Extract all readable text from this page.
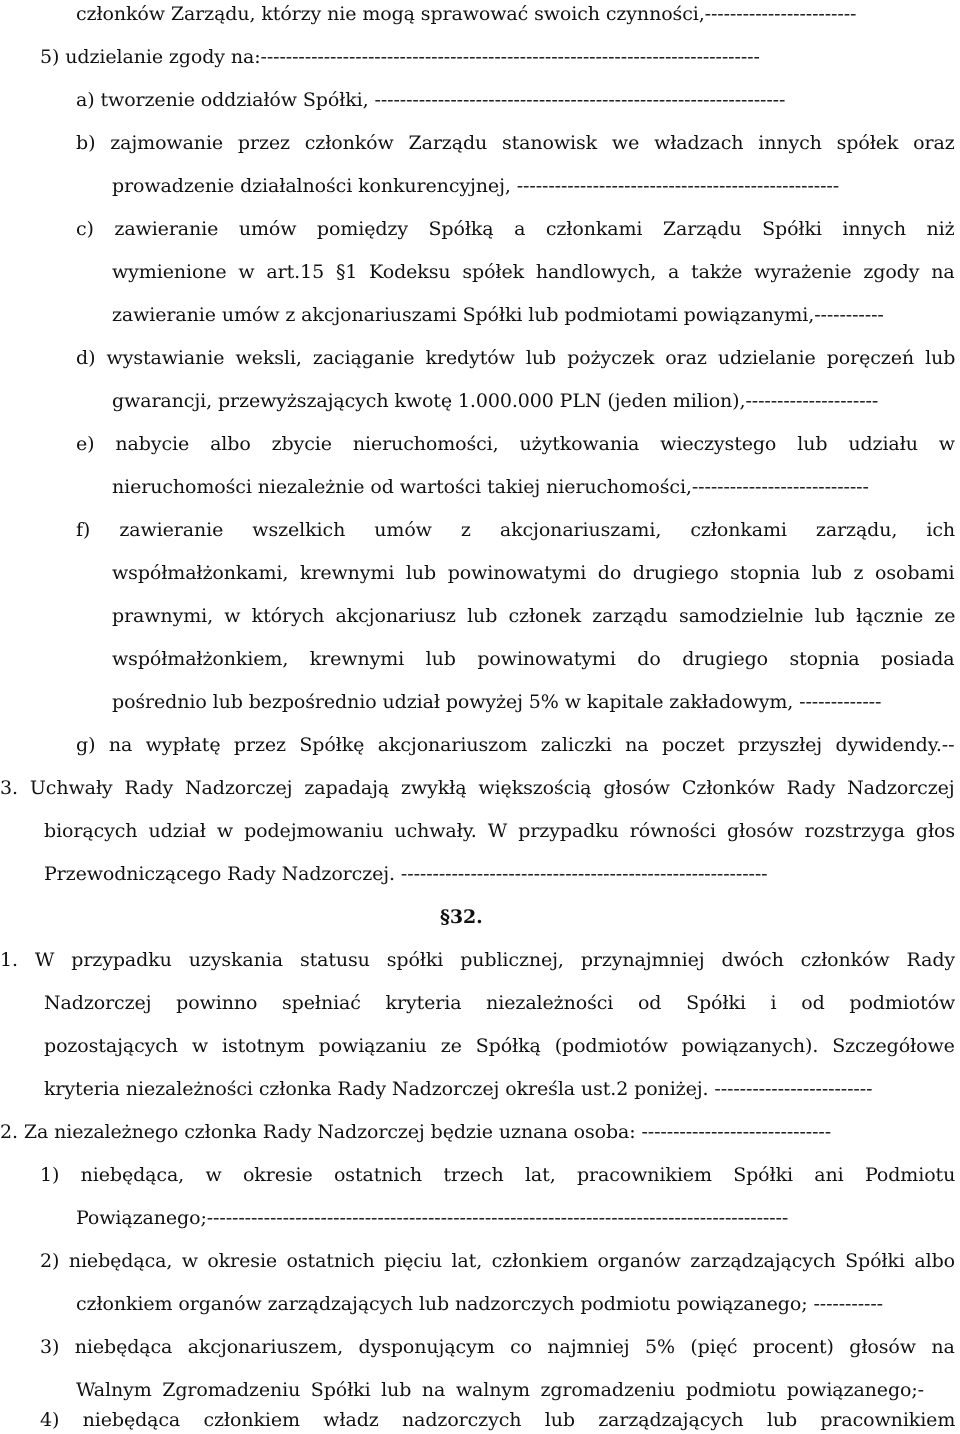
członków Zarządu, którzy nie mogą sprawować swoich czynności,------------------------
5) udzielanie zgody na:-------------------------------------------------------------------------------
a) tworzenie oddziałów Spółki, -----------------------------------------------------------------
b) zajmowanie przez członków Zarządu stanowisk we władzach innych spółek oraz
prowadzenie działalności konkurencyjnej, ---------------------------------------------------
c) zawieranie umów pomiędzy Spółką a członkami Zarządu Spółki innych niż
wymienione w art.15 §1 Kodeksu spółek handlowych, a także wyrażenie zgody na
zawieranie umów z akcjonariuszami Spółki lub podmiotami powiązanymi,-----------
d) wystawianie weksli, zaciąganie kredytów lub pożyczek oraz udzielanie poręczeń lub
gwarancji, przewyższających kwotę 1.000.000 PLN (jeden milion),---------------------
e) nabycie albo zbycie nieruchomości, użytkowania wieczystego lub udziału w
nieruchomości niezależnie od wartości takiej nieruchomości,----------------------------
f) zawieranie wszelkich umów z akcjonariuszami, członkami zarządu, ich
współmałżonkami, krewnymi lub powinowatymi do drugiego stopnia lub z osobami
prawnymi, w których akcjonariusz lub członek zarządu samodzielnie lub łącznie ze
współmałżonkiem, krewnymi lub powinowatymi do drugiego stopnia posiada
pośrednio lub bezpośrednio udział powyżej 5% w kapitale zakładowym, -------------
g) na wypłatę przez Spółkę akcjonariuszom zaliczki na poczet przyszłej dywidendy.--
3. Uchwały Rady Nadzorczej zapadają zwykłą większością głosów Członków Rady Nadzorczej
biorących udział w podejmowaniu uchwały. W przypadku równości głosów rozstrzyga głos
Przewodniczącego Rady Nadzorczej. ----------------------------------------------------------
§32.
1. W przypadku uzyskania statusu spółki publicznej, przynajmniej dwóch członków Rady
Nadzorczej powinno spełniać kryteria niezależności od Spółki i od podmiotów
pozostających w istotnym powiązaniu ze Spółką (podmiotów powiązanych). Szczegółowe
kryteria niezależności członka Rady Nadzorczej określa ust.2 poniżej. -------------------------
2. Za niezależnego członka Rady Nadzorczej będzie uznana osoba: ------------------------------
1) niebędąca, w okresie ostatnich trzech lat, pracownikiem Spółki ani Podmiotu
Powiązanego;--------------------------------------------------------------------------------------------
2) niebędąca, w okresie ostatnich pięciu lat, członkiem organów zarządzających Spółki albo
członkiem organów zarządzających lub nadzorczych podmiotu powiązanego; -----------
3) niebędąca akcjonariuszem, dysponującym co najmniej 5% (pięć procent) głosów na
Walnym Zgromadzeniu Spółki lub na walnym zgromadzeniu podmiotu powiązanego;-
4) niebędąca członkiem władz nadzorczych lub zarządzających lub pracownikiem
